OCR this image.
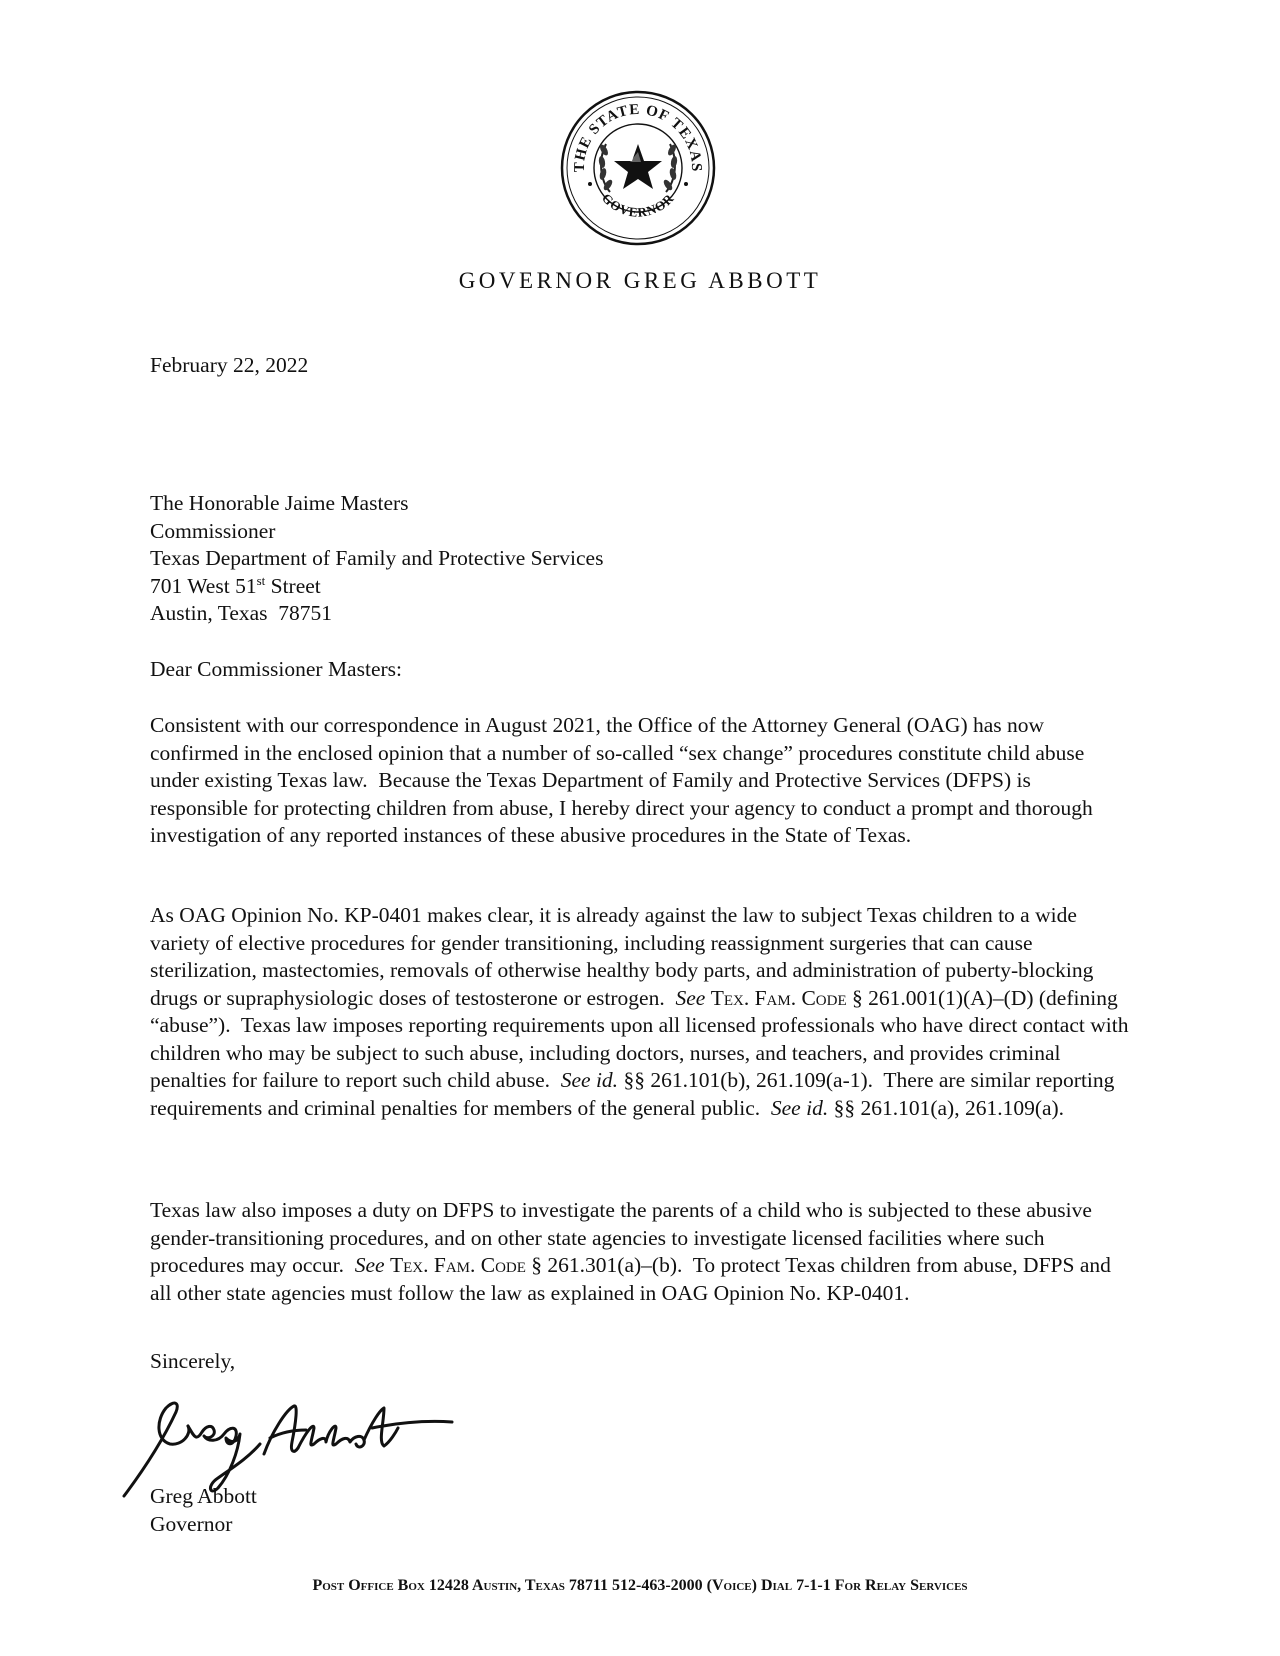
THE STATE OF TEXAS
GOVERNOR
GOVERNOR GREG ABBOTT
February 22, 2022

The Honorable Jaime Masters

Commissioner

Texas Department of Family and Protective Services

701 West 51st Street

Austin, Texas  78751

Dear Commissioner Masters:
Consistent with our correspondence in August 2021, the Office of the Attorney General (OAG) has now confirmed in the enclosed opinion that a number of so-called “sex change” procedures constitute child abuse under existing Texas law.  Because the Texas Department of Family and Protective Services (DFPS) is responsible for protecting children from abuse, I hereby direct your agency to conduct a prompt and thorough investigation of any reported instances of these abusive procedures in the State of Texas.
As OAG Opinion No. KP-0401 makes clear, it is already against the law to subject Texas children to a wide variety of elective procedures for gender transitioning, including reassignment surgeries that can cause sterilization, mastectomies, removals of otherwise healthy body parts, and administration of puberty-blocking drugs or supraphysiologic doses of testosterone or estrogen.  See Tex. Fam. Code § 261.001(1)(A)–(D) (defining “abuse”).  Texas law imposes reporting requirements upon all licensed professionals who have direct contact with children who may be subject to such abuse, including doctors, nurses, and teachers, and provides criminal penalties for failure to report such child abuse.  See id. §§ 261.101(b), 261.109(a-1).  There are similar reporting requirements and criminal penalties for members of the general public.  See id. §§ 261.101(a), 261.109(a).
Texas law also imposes a duty on DFPS to investigate the parents of a child who is subjected to these abusive gender-transitioning procedures, and on other state agencies to investigate licensed facilities where such procedures may occur.  See Tex. Fam. Code § 261.301(a)–(b).  To protect Texas children from abuse, DFPS and all other state agencies must follow the law as explained in OAG Opinion No. KP-0401.
Sincerely,

Greg Abbott

Governor

Post Office Box 12428 Austin, Texas 78711 512-463-2000 (Voice) Dial 7-1-1 For Relay Services
